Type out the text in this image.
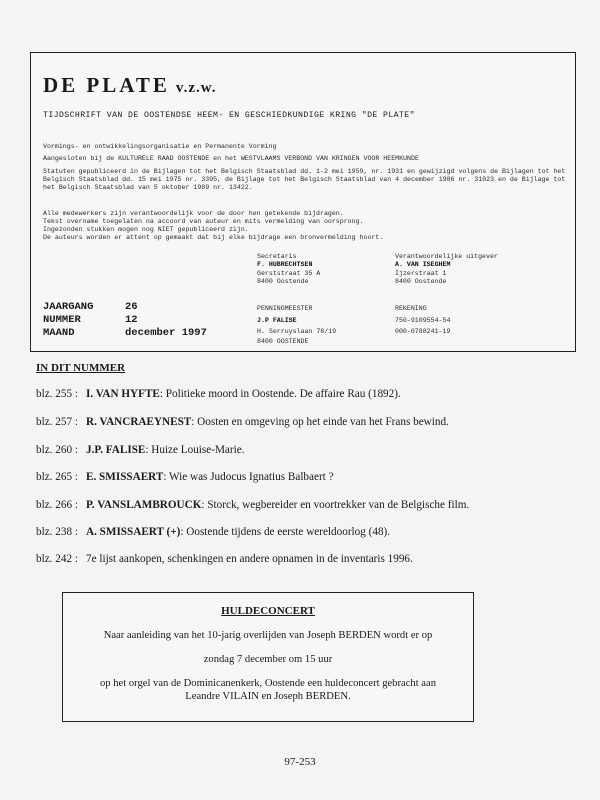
DE PLATE v.z.w.
TIJDSCHRIFT VAN DE OOSTENDSE HEEM- EN GESCHIEDKUNDIGE KRING "DE PLATE"
Vormings- en ontwikkelingsorganisatie en Permanente Vorming
Aangesloten bij de KULTURELE RAAD OOSTENDE en het WESTVLAAMS VERBOND VAN KRINGEN VOOR HEEMKUNDE
Statuten gepubliceerd in de Bijlagen tot het Belgisch Staatsblad dd. 1-2 mei 1959, nr. 1931 en gewijzigd volgens de Bijlagen tot het Belgisch Staatsblad dd. 15 mei 1975 nr. 3395, de Bijlage tot het Belgisch Staatsblad van 4 december 1986 nr. 31023 en de Bijlage tot het Belgisch Staatsblad van 5 oktober 1989 nr. 13422.
Alle medewerkers zijn verantwoordelijk voor de door hen getekende bijdragen.
Tekst overname toegelaten na accoord van auteur en mits vermelding van oorsprong.
Ingezonden stukken mogen nog NIET gepubliceerd zijn.
De auteurs worden er attent op gemaakt dat bij elke bijdrage een bronvermelding hoort.
Secretaris
F. HUBRECHTSEN
Gerststraat 35 A
8400 Oostende
Verantwoordelijke uitgever
A. VAN ISEGHEM
Ijzerstraat 1
8400 Oostende
PENNINGMEESTER
J.P FALISE
H. Serruyslaan 78/19
8400 OOSTENDE
REKENING
750-9109554-54
000-0788241-19
JAARGANG	26
NUMMER	12
MAAND	december 1997
IN DIT NUMMER
blz. 255 : I. VAN HYFTE : Politieke moord in Oostende. De affaire Rau (1892).
blz. 257 : R. VANCRAEYNEST : Oosten en omgeving op het einde van het Frans bewind.
blz. 260 : J.P. FALISE : Huize Louise-Marie.
blz. 265 : E. SMISSAERT : Wie was Judocus Ignatius Balbaert ?
blz. 266 : P. VANSLAMBROUCK : Storck, wegbereider en voortrekker van de Belgische film.
blz. 238 : A. SMISSAERT (+) : Oostende tijdens de eerste wereldoorlog (48).
blz. 242 : 7e lijst aankopen, schenkingen en andere opnamen in de inventaris 1996.
HULDECONCERT

Naar aanleiding van het 10-jarig overlijden van Joseph BERDEN wordt er op

zondag 7 december om 15 uur

op het orgel van de Dominicanenkerk, Oostende een huldeconcert gebracht aan

Leandre VILAIN en Joseph BERDEN.

97-253
